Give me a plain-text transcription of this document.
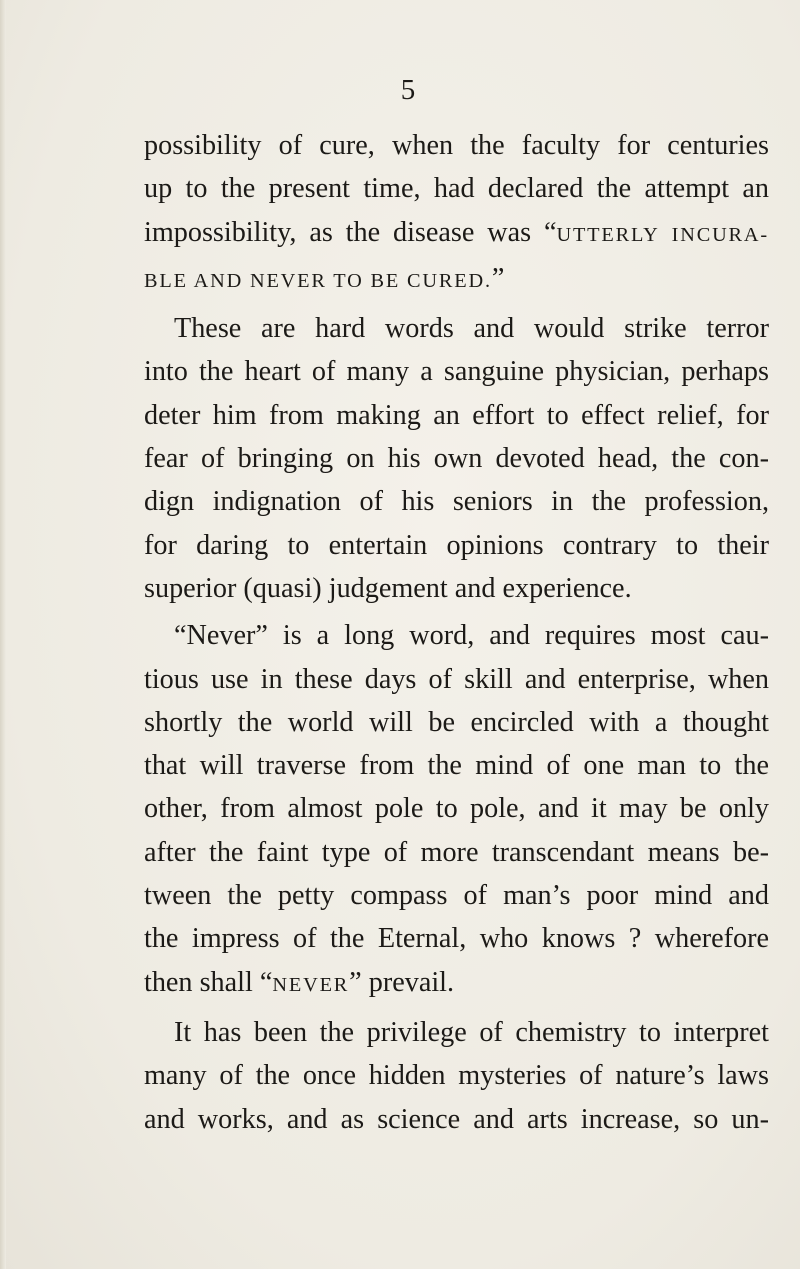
5
possibility of cure, when the faculty for centuries
up to the present time, had declared the attempt an
impossibility, as the disease was “UTTERLY INCURA-
BLE AND NEVER TO BE CURED.”
These are hard words and would strike terror
into the heart of many a sanguine physician, perhaps
deter him from making an effort to effect relief, for
fear of bringing on his own devoted head, the con-
dign indignation of his seniors in the profession,
for daring to entertain opinions contrary to their
superior (quasi) judgement and experience.
“Never” is a long word, and requires most cau-
tious use in these days of skill and enterprise, when
shortly the world will be encircled with a thought
that will traverse from the mind of one man to the
other, from almost pole to pole, and it may be only
after the faint type of more transcendant means be-
tween the petty compass of man’s poor mind and
the impress of the Eternal, who knows ? wherefore
then shall “NEVER” prevail.
It has been the privilege of chemistry to interpret
many of the once hidden mysteries of nature’s laws
and works, and as science and arts increase, so un-
